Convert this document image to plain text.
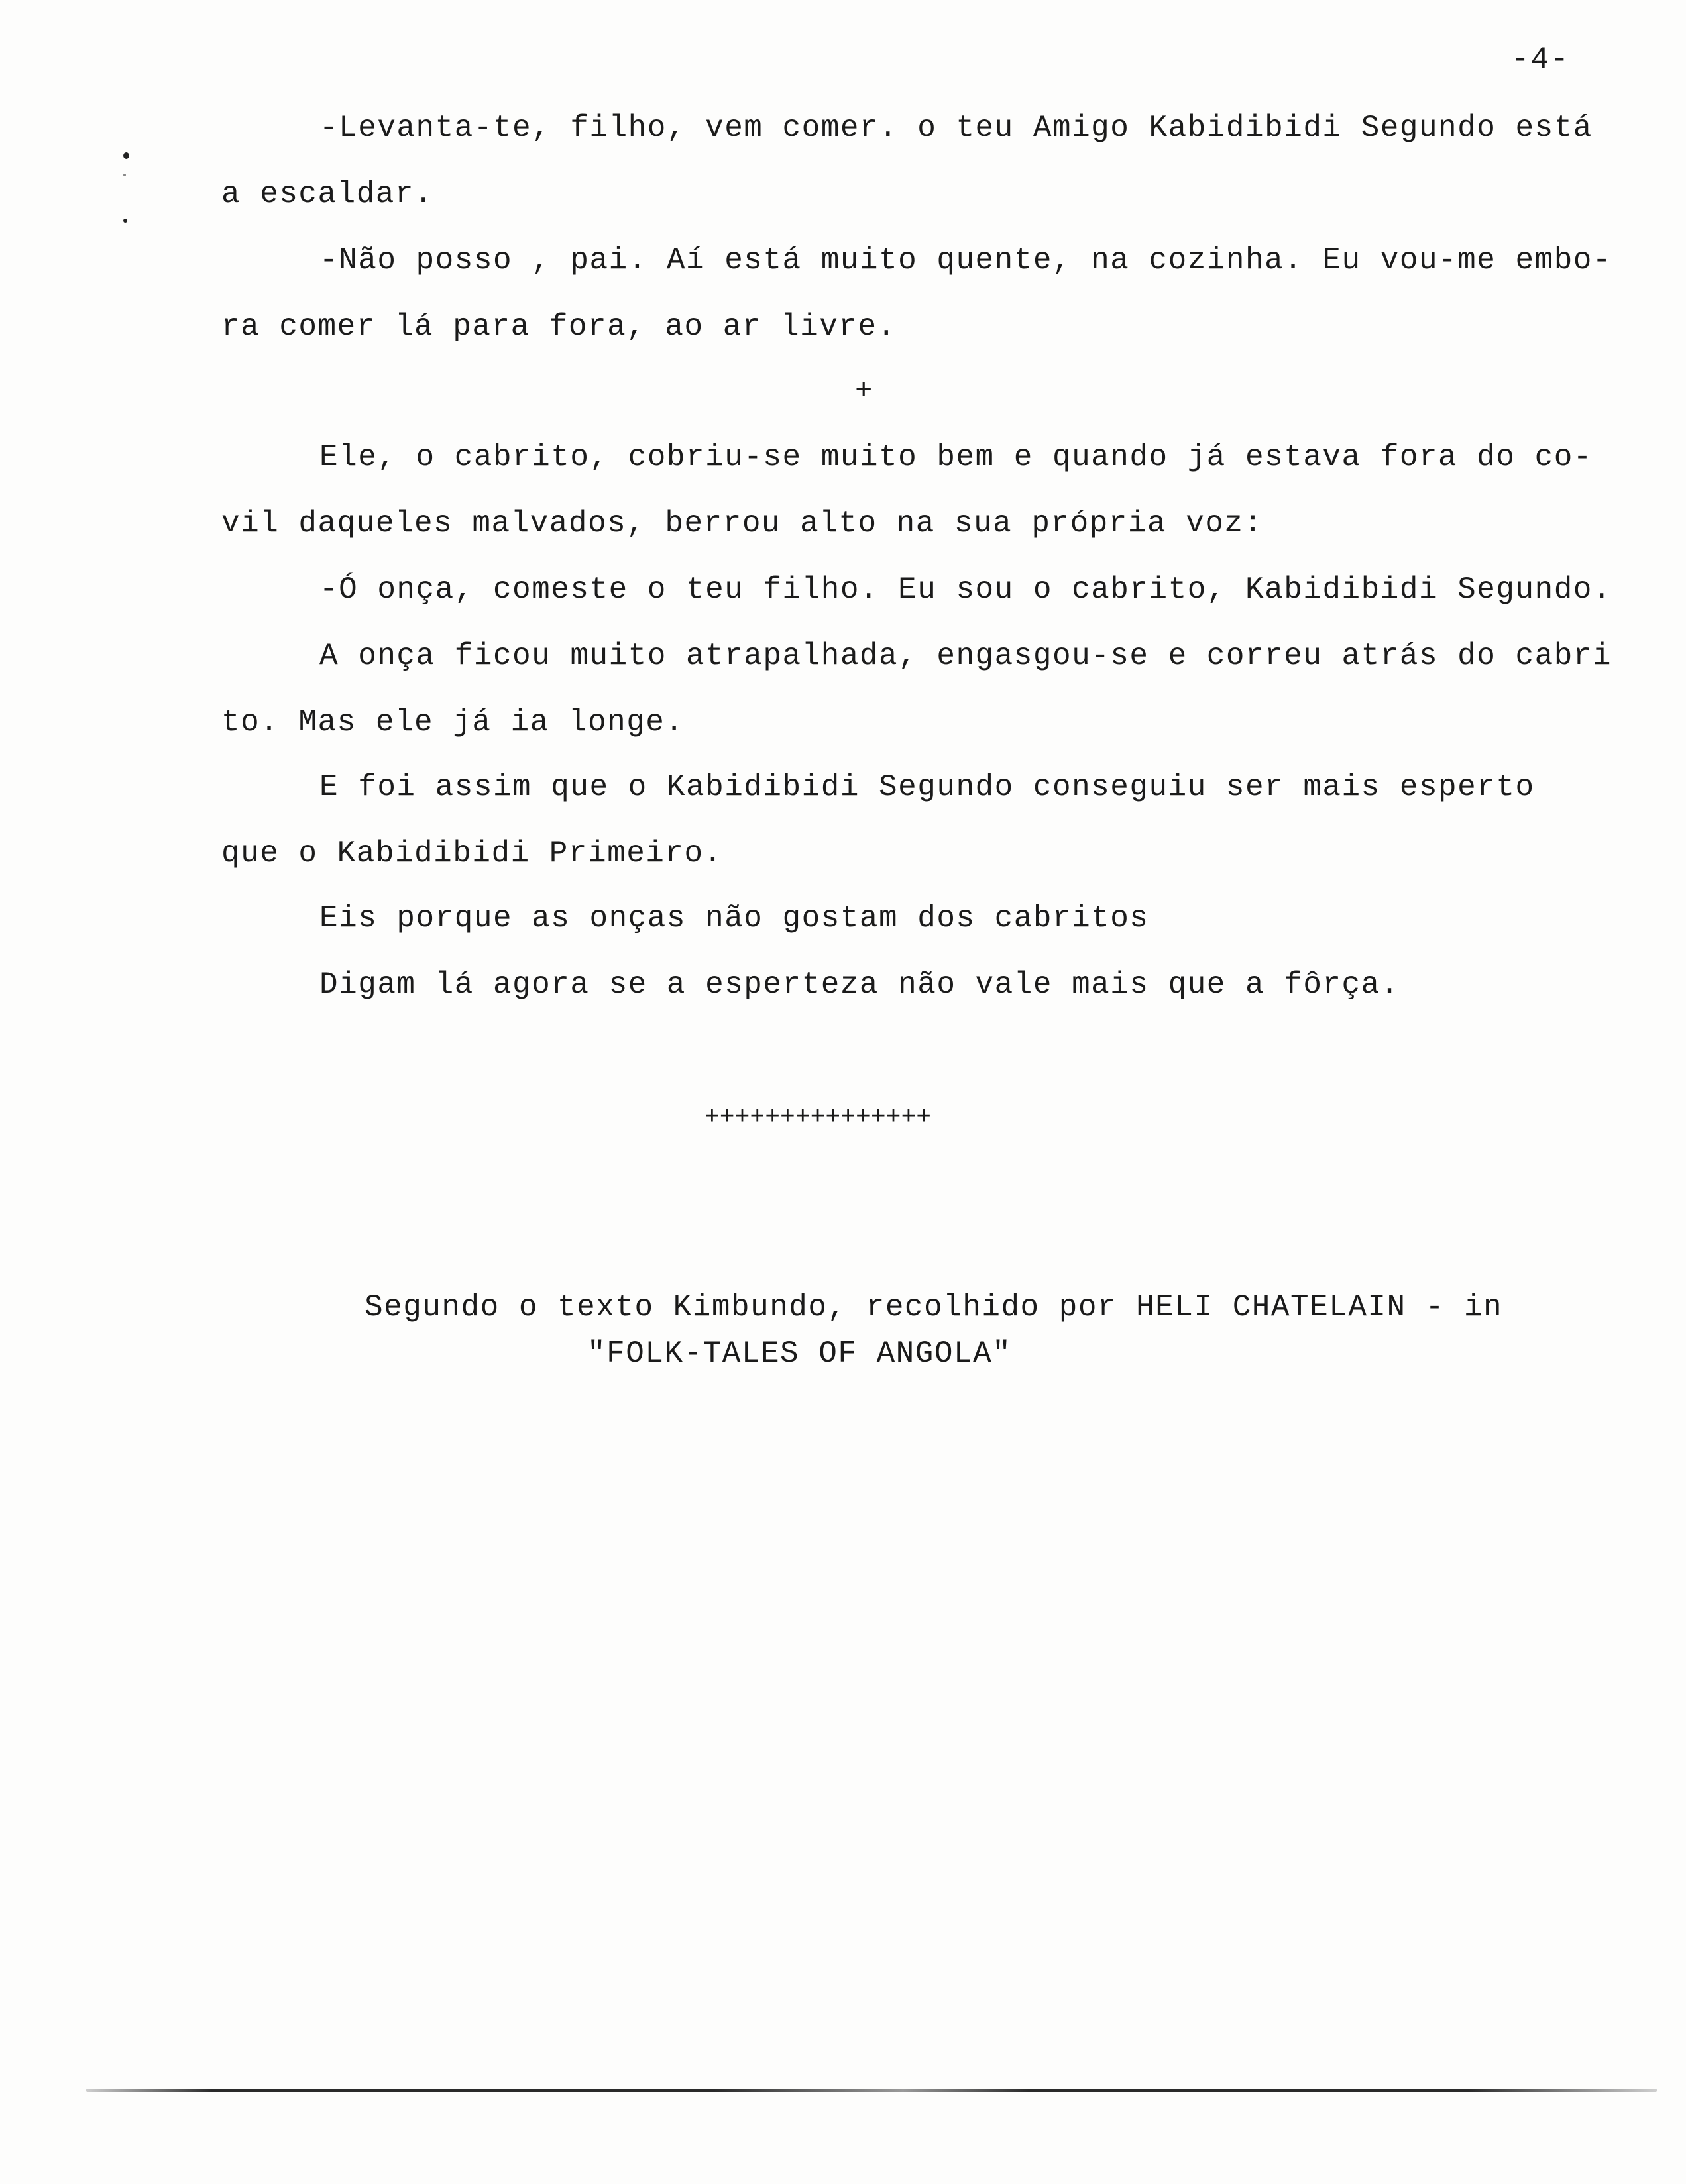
-4-
-Levanta-te, filho, vem comer. o teu Amigo Kabidibidi Segundo está
a escaldar.
-Não posso , pai. Aí está muito quente, na cozinha. Eu vou-me embo-
ra comer lá para fora, ao ar livre.
+
Ele, o cabrito, cobriu-se muito bem e quando já estava fora do co-
vil daqueles malvados, berrou alto na sua própria voz:
-Ó onça, comeste o teu filho. Eu sou o cabrito, Kabidibidi Segundo.
A onça ficou muito atrapalhada, engasgou-se e correu atrás do cabri
to. Mas ele já ia longe.
E foi assim que o Kabidibidi Segundo conseguiu ser mais esperto
que o Kabidibidi Primeiro.
Eis porque as onças não gostam dos cabritos
Digam lá agora se a esperteza não vale mais que a fôrça.
+++++++++++++++
Segundo o texto Kimbundo, recolhido por HELI CHATELAIN - in
"FOLK-TALES OF ANGOLA"
